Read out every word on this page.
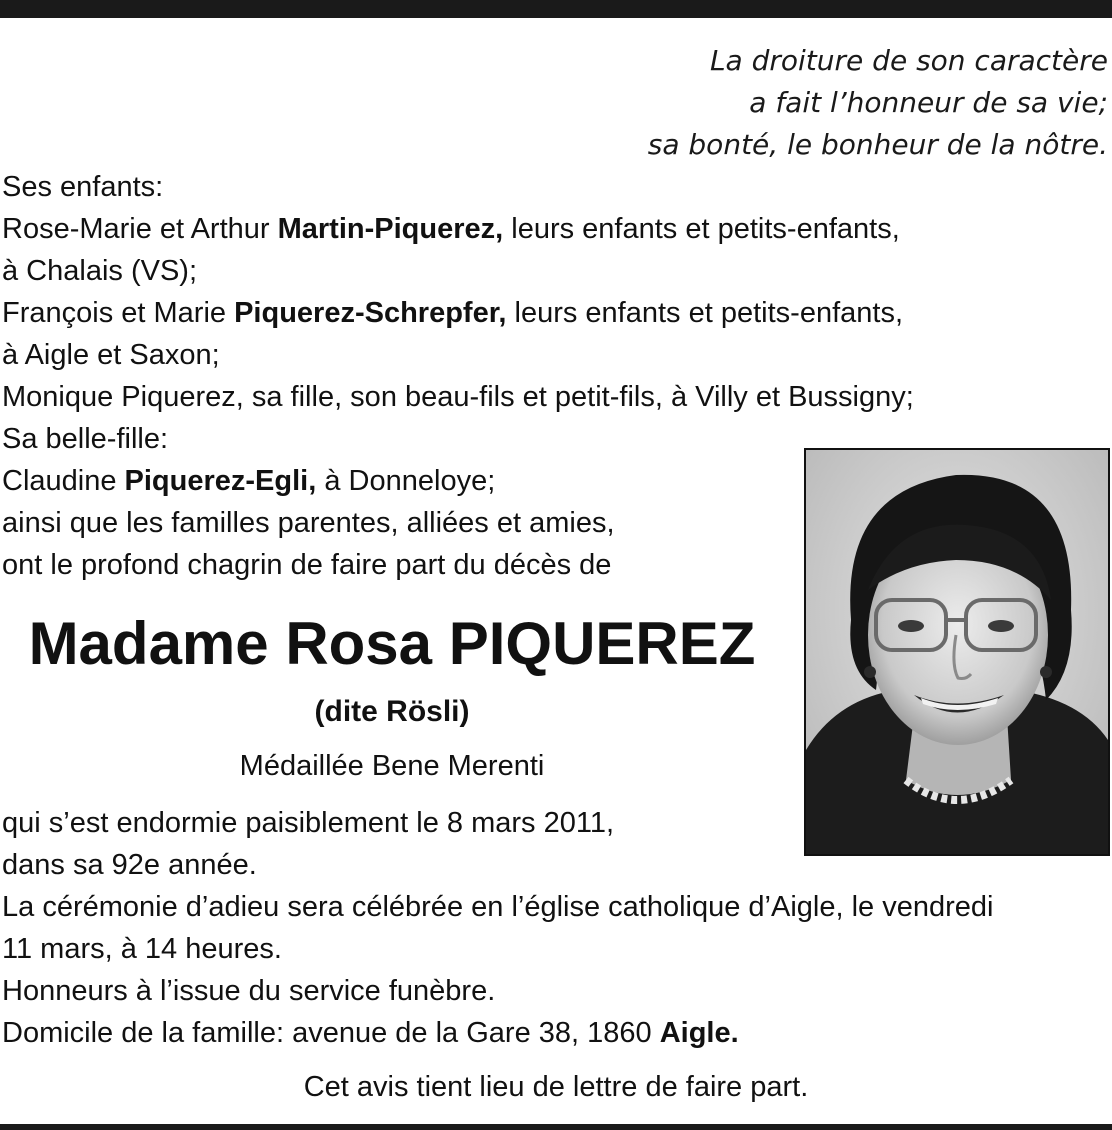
La droiture de son caractère
a fait l’honneur de sa vie;
sa bonté, le bonheur de la nôtre.
Ses enfants:
Rose-Marie et Arthur Martin-Piquerez, leurs enfants et petits-enfants,
à Chalais (VS);
François et Marie Piquerez-Schrepfer, leurs enfants et petits-enfants,
à Aigle et Saxon;
Monique Piquerez, sa fille, son beau-fils et petit-fils, à Villy et Bussigny;
Sa belle-fille:
Claudine Piquerez-Egli, à Donneloye;
ainsi que les familles parentes, alliées et amies,
ont le profond chagrin de faire part du décès de
Madame Rosa PIQUEREZ
(dite Rösli)
Médaillée Bene Merenti
qui s’est endormie paisiblement le 8 mars 2011,
dans sa 92e année.
La cérémonie d’adieu sera célébrée en l’église catholique d’Aigle, le vendredi
11 mars, à 14 heures.
Honneurs à l’issue du service funèbre.
Domicile de la famille: avenue de la Gare 38, 1860 Aigle.
Cet avis tient lieu de lettre de faire part.
